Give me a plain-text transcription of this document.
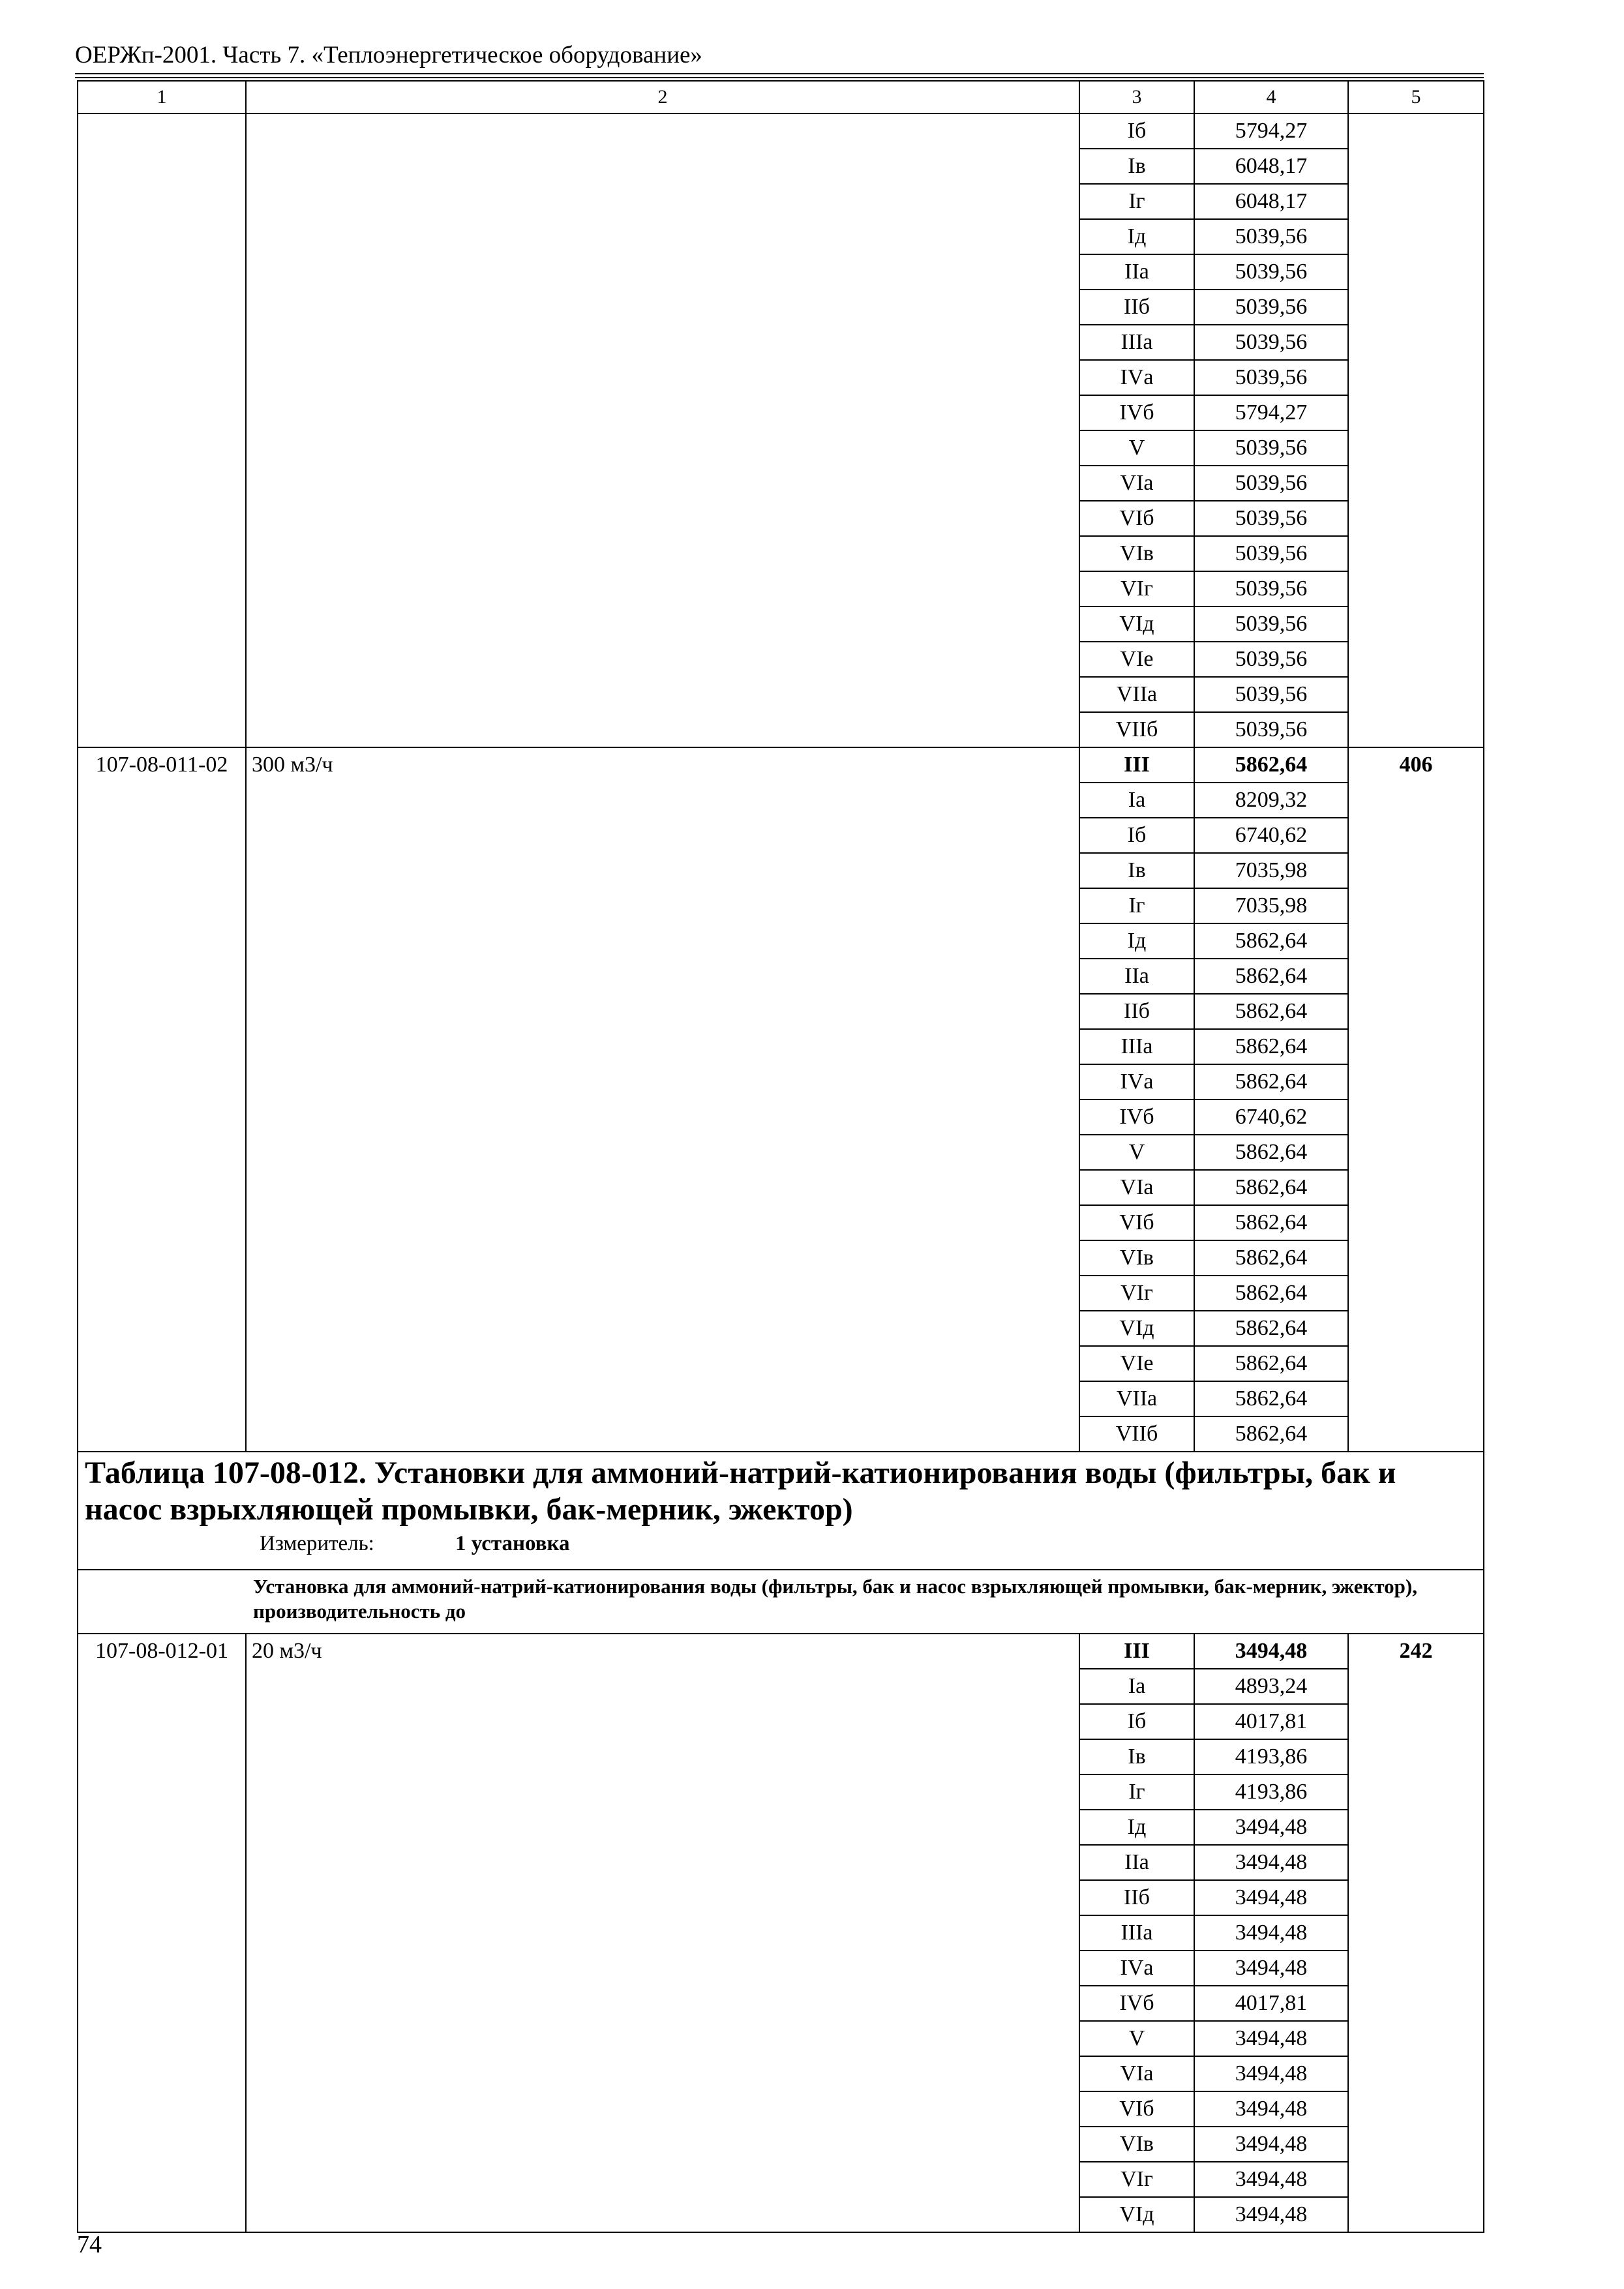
ОЕРЖп-2001. Часть 7. «Теплоэнергетическое оборудование»
1	2	3	4	5
		Iб	5794,27	
		Iв	6048,17	
		Iг	6048,17	
		Iд	5039,56	
		IIа	5039,56	
		IIб	5039,56	
		IIIа	5039,56	
		IVа	5039,56	
		IVб	5794,27	
		V	5039,56	
		VIа	5039,56	
		VIб	5039,56	
		VIв	5039,56	
		VIг	5039,56	
		VIд	5039,56	
		VIе	5039,56	
		VIIа	5039,56	
		VIIб	5039,56	

107-08-011-02	300 м3/ч	III	5862,64	406

		Iа	8209,32	
		Iб	6740,62	
		Iв	7035,98	
		Iг	7035,98	
		Iд	5862,64	
		IIа	5862,64	
		IIб	5862,64	
		IIIа	5862,64	
		IVа	5862,64	
		IVб	6740,62	
		V	5862,64	
		VIа	5862,64	
		VIб	5862,64	
		VIв	5862,64	
		VIг	5862,64	
		VIд	5862,64	
		VIе	5862,64	
		VIIа	5862,64	
		VIIб	5862,64	

Таблица 107-08-012. Установки для аммоний-натрий-катионирования воды (фильтры, бак и насос взрыхляющей промывки, бак-мерник, эжектор)
Измеритель: 1 установка				

Установка для аммоний-натрий-катионирования воды (фильтры, бак и насос взрыхляющей промывки, бак-мерник, эжектор), производительность до				

107-08-012-01	20 м3/ч	III	3494,48	242

		Iа	4893,24	
		Iб	4017,81	
		Iв	4193,86	
		Iг	4193,86	
		Iд	3494,48	
		IIа	3494,48	
		IIб	3494,48	
		IIIа	3494,48	
		IVа	3494,48	
		IVб	4017,81	
		V	3494,48	
		VIа	3494,48	
		VIб	3494,48	
		VIв	3494,48	
		VIг	3494,48	
		VIд	3494,48	
74
